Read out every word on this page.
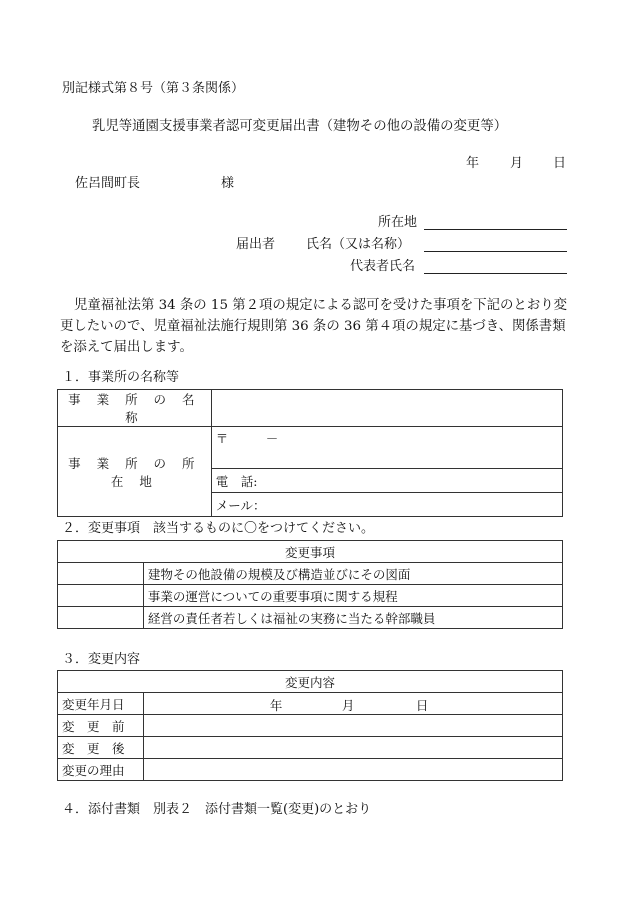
別記様式第８号（第３条関係）
乳児等通園支援事業者認可変更届出書（建物その他の設備の変更等）
年 月 日
佐呂間町長	様
所在地
届出者 氏名（又は名称）
代表者氏名
児童福祉法第 34 条の 15 第２項の規定による認可を受けた事項を下記のとおり変更したいので、児童福祉法施行規則第 36 条の 36 第４項の規定に基づき、関係書類を添えて届出します。
１．事業所の名称等
事 業 所 の 名 称	
事 業 所 の 所 在 地	〒　　　－
	電　話:
	メール：
２．変更事項　該当するものに〇をつけてください。
変更事項	
	建物その他設備の規模及び構造並びにその図面
	事業の運営についての重要事項に関する規程
	経営の責任者若しくは福祉の実務に当たる幹部職員
３．変更内容
変更内容	
変更年月日	年 月 日

変　更　前	
変　更　後	
変更の理由	
４．添付書類　別表２　添付書類一覧(変更)のとおり
